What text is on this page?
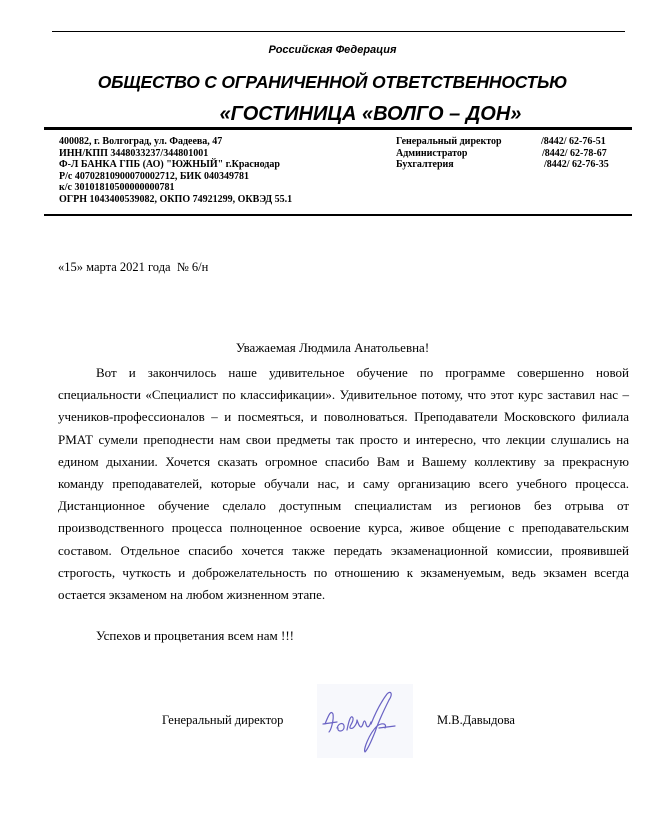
Российская Федерация
ОБЩЕСТВО С ОГРАНИЧЕННОЙ ОТВЕТСТВЕННОСТЬЮ
«ГОСТИНИЦА «ВОЛГО – ДОН»
400082, г. Волгоград, ул. Фадеева, 47
ИНН/КПП 3448033237/344801001
Ф-Л БАНКА ГПБ (АО) "ЮЖНЫЙ" г.Краснодар
Р/с 40702810900070002712, БИК 040349781
к/с 30101810500000000781
ОГРН 1043400539082, ОКПО 74921299, ОКВЭД 55.1
Генеральный директор	/8442/ 62-76-51
Администратор	/8442/ 62-78-67
Бухгалтерия	/8442/ 62-76-35
«15» марта 2021 года  № 6/н
Уважаемая Людмила Анатольевна!

Вот и закончилось наше удивительное обучение по программе совершенно новой специальности «Специалист по классификации». Удивительное потому, что этот курс заставил нас – учеников-профессионалов – и посмеяться, и поволноваться. Преподаватели Московского филиала РМАТ сумели преподнести нам свои предметы так просто и интересно, что лекции слушались на едином дыхании. Хочется сказать огромное спасибо Вам и Вашему коллективу за прекрасную команду преподавателей, которые обучали нас, и саму организацию всего учебного процесса. Дистанционное обучение сделало доступным специалистам из регионов без отрыва от производственного процесса полноценное освоение курса, живое общение с преподавательским составом. Отдельное спасибо хочется также передать экзаменационной комиссии, проявившей строгость, чуткость и доброжелательность по отношению к экзаменуемым, ведь экзамен всегда остается экзаменом на любом жизненном этапе.

Успехов и процветания всем нам !!!
Генеральный директор	М.В.Давыдова
